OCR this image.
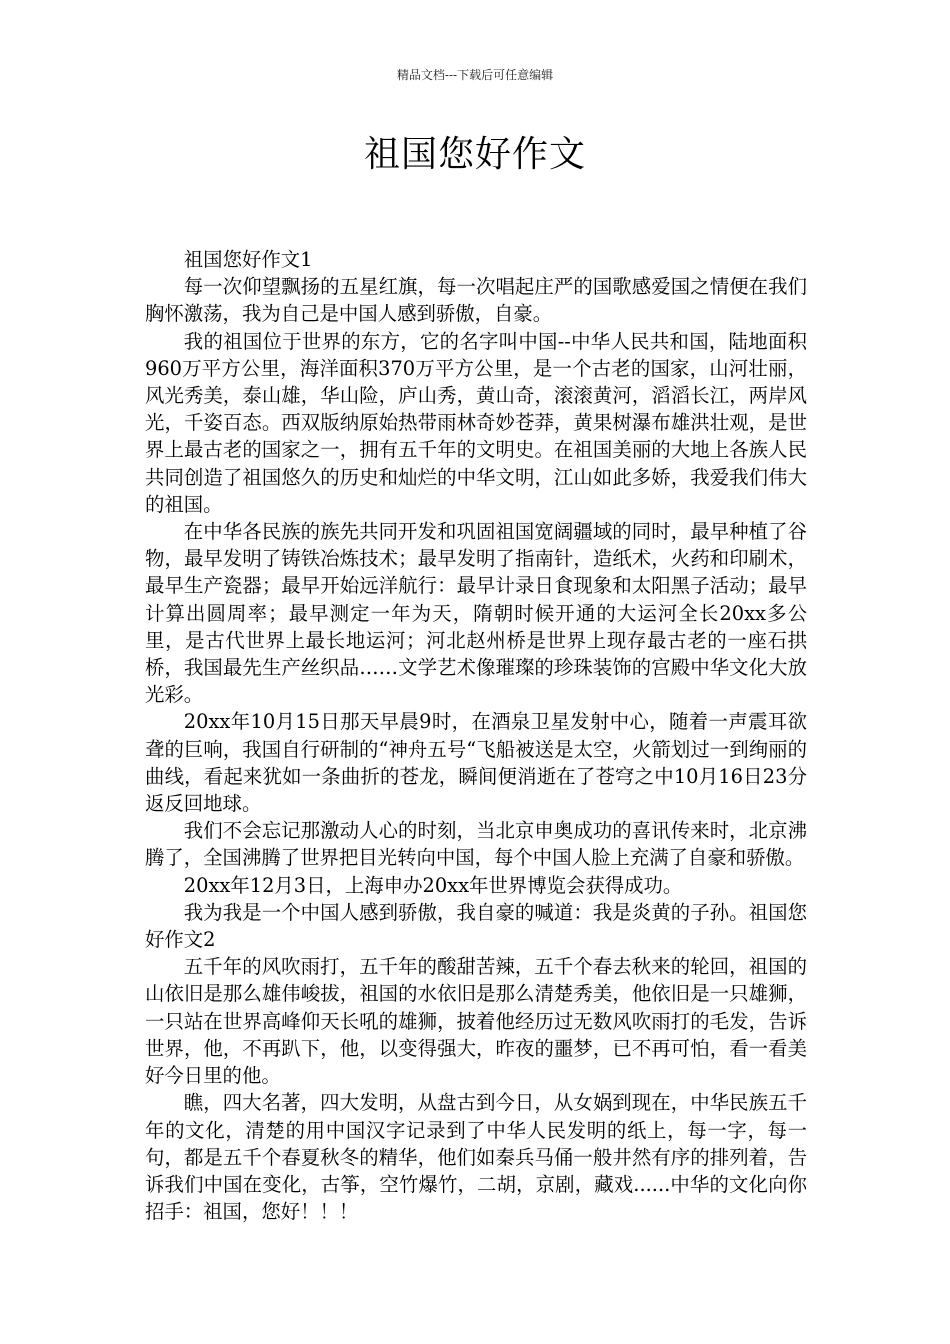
精品文档---下载后可任意编辑
祖国您好作文

祖国您好作文1

每一次仰望飘扬的五星红旗，每一次唱起庄严的国歌感爱国之情便在我们胸怀激荡，我为自己是中国人感到骄傲，自豪。

我的祖国位于世界的东方，它的名字叫中国--中华人民共和国，陆地面积960万平方公里，海洋面积370万平方公里，是一个古老的国家，山河壮丽，风光秀美，泰山雄，华山险，庐山秀，黄山奇，滚滚黄河，滔滔长江，两岸风光，千姿百态。西双版纳原始热带雨林奇妙苍莽，黄果树瀑布雄洪壮观，是世界上最古老的国家之一，拥有五千年的文明史。在祖国美丽的大地上各族人民共同创造了祖国悠久的历史和灿烂的中华文明，江山如此多娇，我爱我们伟大的祖国。

在中华各民族的族先共同开发和巩固祖国宽阔疆域的同时，最早种植了谷物，最早发明了铸铁冶炼技术；最早发明了指南针，造纸术，火药和印刷术，最早生产瓷器；最早开始远洋航行：最早计录日食现象和太阳黑子活动；最早计算出圆周率；最早测定一年为天，隋朝时候开通的大运河全长20xx多公里，是古代世界上最长地运河；河北赵州桥是世界上现存最古老的一座石拱桥，我国最先生产丝织品……文学艺术像璀璨的珍珠装饰的宫殿中华文化大放光彩。

20xx年10月15日那天早晨9时，在酒泉卫星发射中心，随着一声震耳欲聋的巨响，我国自行研制的“神舟五号“飞船被送是太空，火箭划过一到绚丽的曲线，看起来犹如一条曲折的苍龙，瞬间便消逝在了苍穹之中10月16日23分返反回地球。

我们不会忘记那激动人心的时刻，当北京申奥成功的喜讯传来时，北京沸腾了，全国沸腾了世界把目光转向中国，每个中国人脸上充满了自豪和骄傲。

20xx年12月3日，上海申办20xx年世界博览会获得成功。

我为我是一个中国人感到骄傲，我自豪的喊道：我是炎黄的子孙。祖国您好作文2

五千年的风吹雨打，五千年的酸甜苦辣，五千个春去秋来的轮回，祖国的山依旧是那么雄伟峻拔，祖国的水依旧是那么清楚秀美，他依旧是一只雄狮，一只站在世界高峰仰天长吼的雄狮，披着他经历过无数风吹雨打的毛发，告诉世界，他，不再趴下，他，以变得强大，昨夜的噩梦，已不再可怕，看一看美好今日里的他。

瞧，四大名著，四大发明，从盘古到今日，从女娲到现在，中华民族五千年的文化，清楚的用中国汉字记录到了中华人民发明的纸上，每一字，每一句，都是五千个春夏秋冬的精华，他们如秦兵马俑一般井然有序的排列着，告诉我们中国在变化，古筝，空竹爆竹，二胡，京剧，藏戏......中华的文化向你招手：祖国，您好！！！
